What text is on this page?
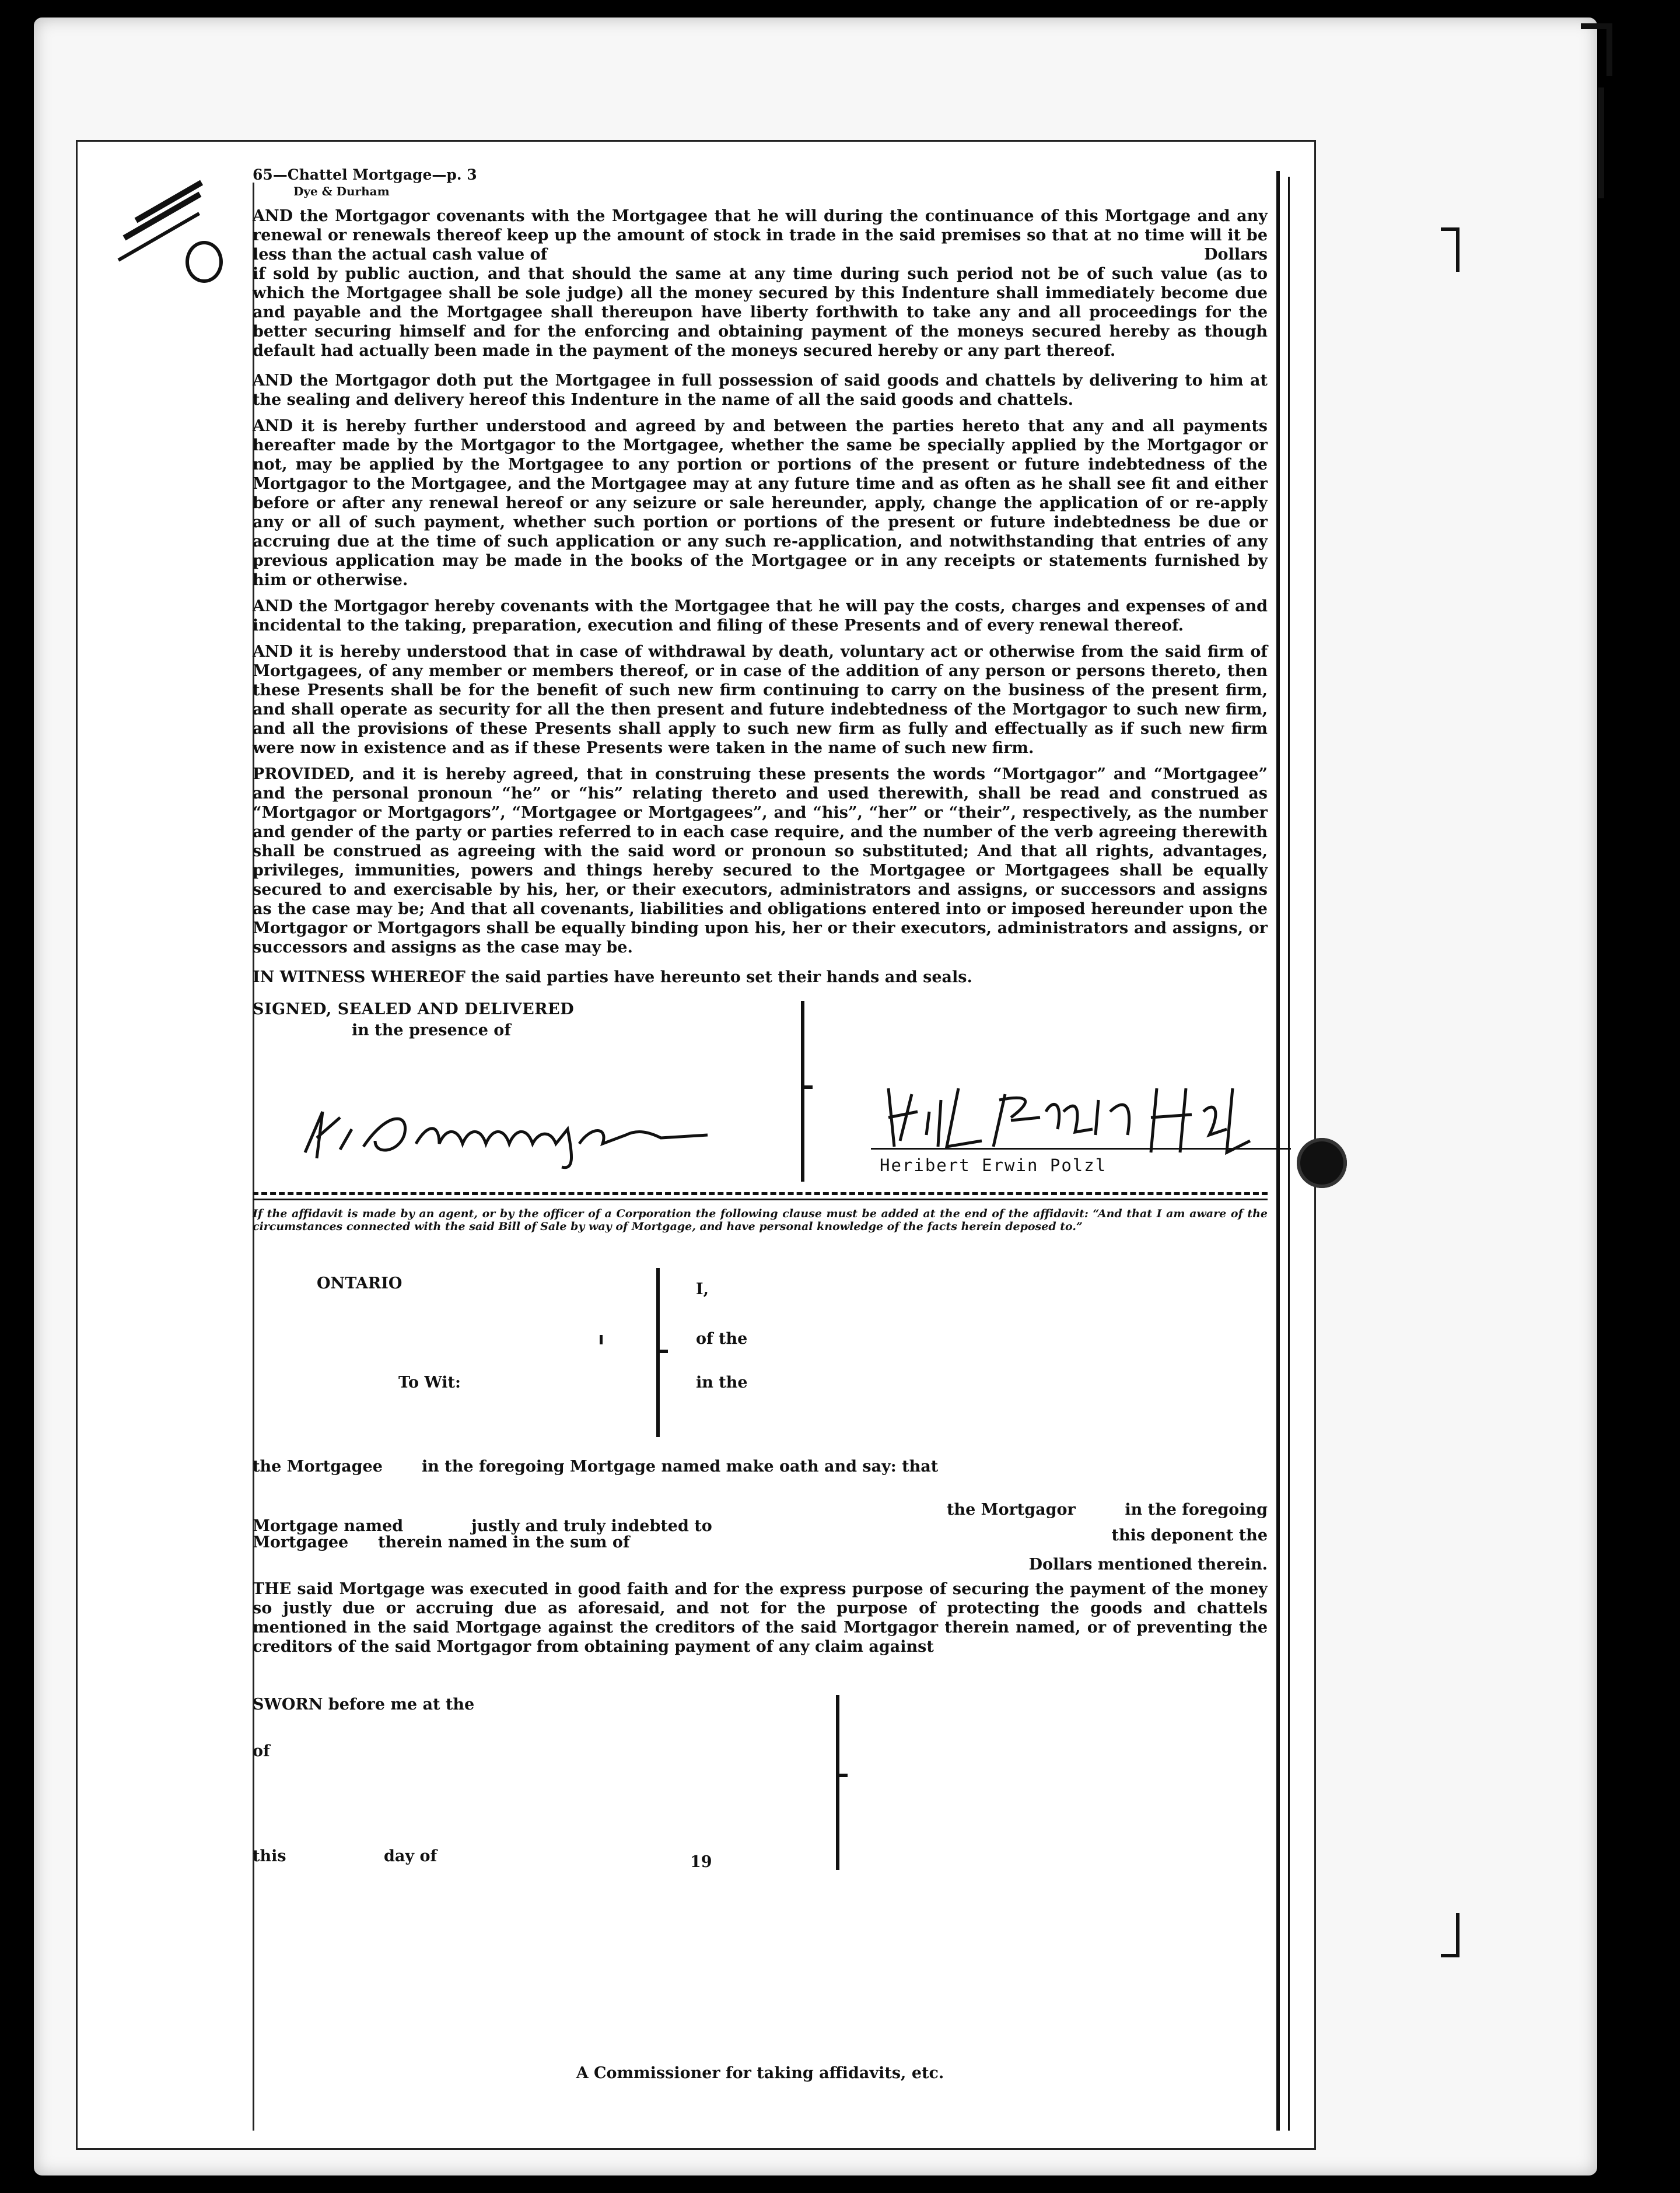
65—Chattel Mortgage—p. 3
Dye & Durham
AND the Mortgagor covenants with the Mortgagee that he will during the continuance of this Mortgage and any renewal or renewals thereof keep up the amount of stock in trade in the said premises so that at no time will it be less than the actual cash value of	Dollars
if sold by public auction, and that should the same at any time during such period not be of such value (as to which the Mortgagee shall be sole judge) all the money secured by this Indenture shall immediately become due and payable and the Mortgagee shall thereupon have liberty forthwith to take any and all proceedings for the better securing himself and for the enforcing and obtaining payment of the moneys secured hereby as though default had actually been made in the payment of the moneys secured hereby or any part thereof.
AND the Mortgagor doth put the Mortgagee in full possession of said goods and chattels by delivering to him at the sealing and delivery hereof this Indenture in the name of all the said goods and chattels.
AND it is hereby further understood and agreed by and between the parties hereto that any and all payments hereafter made by the Mortgagor to the Mortgagee, whether the same be specially applied by the Mortgagor or not, may be applied by the Mortgagee to any portion or portions of the present or future indebtedness of the Mortgagor to the Mortgagee, and the Mortgagee may at any future time and as often as he shall see fit and either before or after any renewal hereof or any seizure or sale hereunder, apply, change the application of or re-apply any or all of such payment, whether such portion or portions of the present or future indebtedness be due or accruing due at the time of such application or any such re-application, and notwithstanding that entries of any previous application may be made in the books of the Mortgagee or in any receipts or statements furnished by him or otherwise.
AND the Mortgagor hereby covenants with the Mortgagee that he will pay the costs, charges and expenses of and incidental to the taking, preparation, execution and filing of these Presents and of every renewal thereof.
AND it is hereby understood that in case of withdrawal by death, voluntary act or otherwise from the said firm of Mortgagees, of any member or members thereof, or in case of the addition of any person or persons thereto, then these Presents shall be for the benefit of such new firm continuing to carry on the business of the present firm, and shall operate as security for all the then present and future indebtedness of the Mortgagor to such new firm, and all the provisions of these Presents shall apply to such new firm as fully and effectually as if such new firm were now in existence and as if these Presents were taken in the name of such new firm.
PROVIDED, and it is hereby agreed, that in construing these presents the words “Mortgagor” and “Mortgagee” and the personal pronoun “he” or “his” relating thereto and used therewith, shall be read and construed as “Mortgagor or Mortgagors”, “Mortgagee or Mortgagees”, and “his”, “her” or “their”, respectively, as the number and gender of the party or parties referred to in each case require, and the number of the verb agreeing therewith shall be construed as agreeing with the said word or pronoun so substituted; And that all rights, advantages, privileges, immunities, powers and things hereby secured to the Mortgagee or Mortgagees shall be equally secured to and exercisable by his, her, or their executors, administrators and assigns, or successors and assigns as the case may be; And that all covenants, liabilities and obligations entered into or imposed hereunder upon the Mortgagor or Mortgagors shall be equally binding upon his, her or their executors, administrators and assigns, or successors and assigns as the case may be.
IN WITNESS WHEREOF the said parties have hereunto set their hands and seals.
SIGNED, SEALED AND DELIVERED
in the presence of
Heribert Erwin Polzl
If the affidavit is made by an agent, or by the officer of a Corporation the following clause must be added at the end of the affidavit: “And that I am aware of the circumstances connected with the said Bill of Sale by way of Mortgage, and have personal knowledge of the facts herein deposed to.”
ONTARIO
To Wit:
I,
of the
in the
the Mortgagee in the foregoing Mortgage named make oath and say: that
the Mortgagor	in the foregoing
Mortgage named	justly and truly indebted to
this deponent the
Mortgagee therein named in the sum of
Dollars mentioned therein.
THE said Mortgage was executed in good faith and for the express purpose of securing the payment of the money so justly due or accruing due as aforesaid, and not for the purpose of protecting the goods and chattels mentioned in the said Mortgage against the creditors of the said Mortgagor therein named, or of preventing the creditors of the said Mortgagor from obtaining payment of any claim against
SWORN before me at the
of
this	day of	19
A Commissioner for taking affidavits, etc.
